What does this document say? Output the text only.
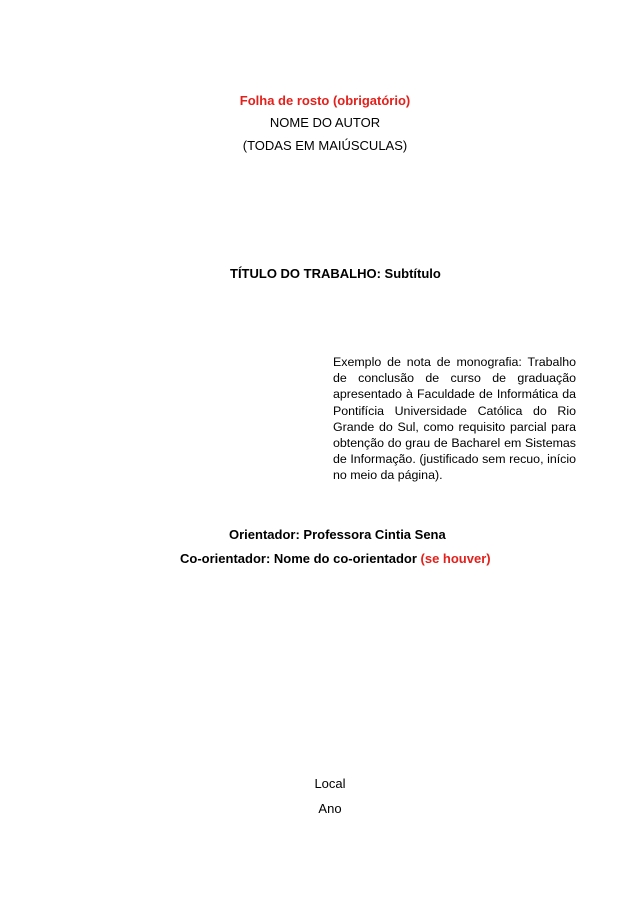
Folha de rosto (obrigatório)
NOME DO AUTOR
(TODAS EM MAIÚSCULAS)
TÍTULO DO TRABALHO: Subtítulo
Exemplo de nota de monografia: Trabalho de conclusão de curso de graduação apresentado à Faculdade de Informática da Pontifícia Universidade Católica do Rio Grande do Sul, como requisito parcial para obtenção do grau de Bacharel em Sistemas de Informação. (justificado sem recuo, início no meio da página).
Orientador: Professora Cintia Sena
Co-orientador: Nome do co-orientador (se houver)
Local
Ano
